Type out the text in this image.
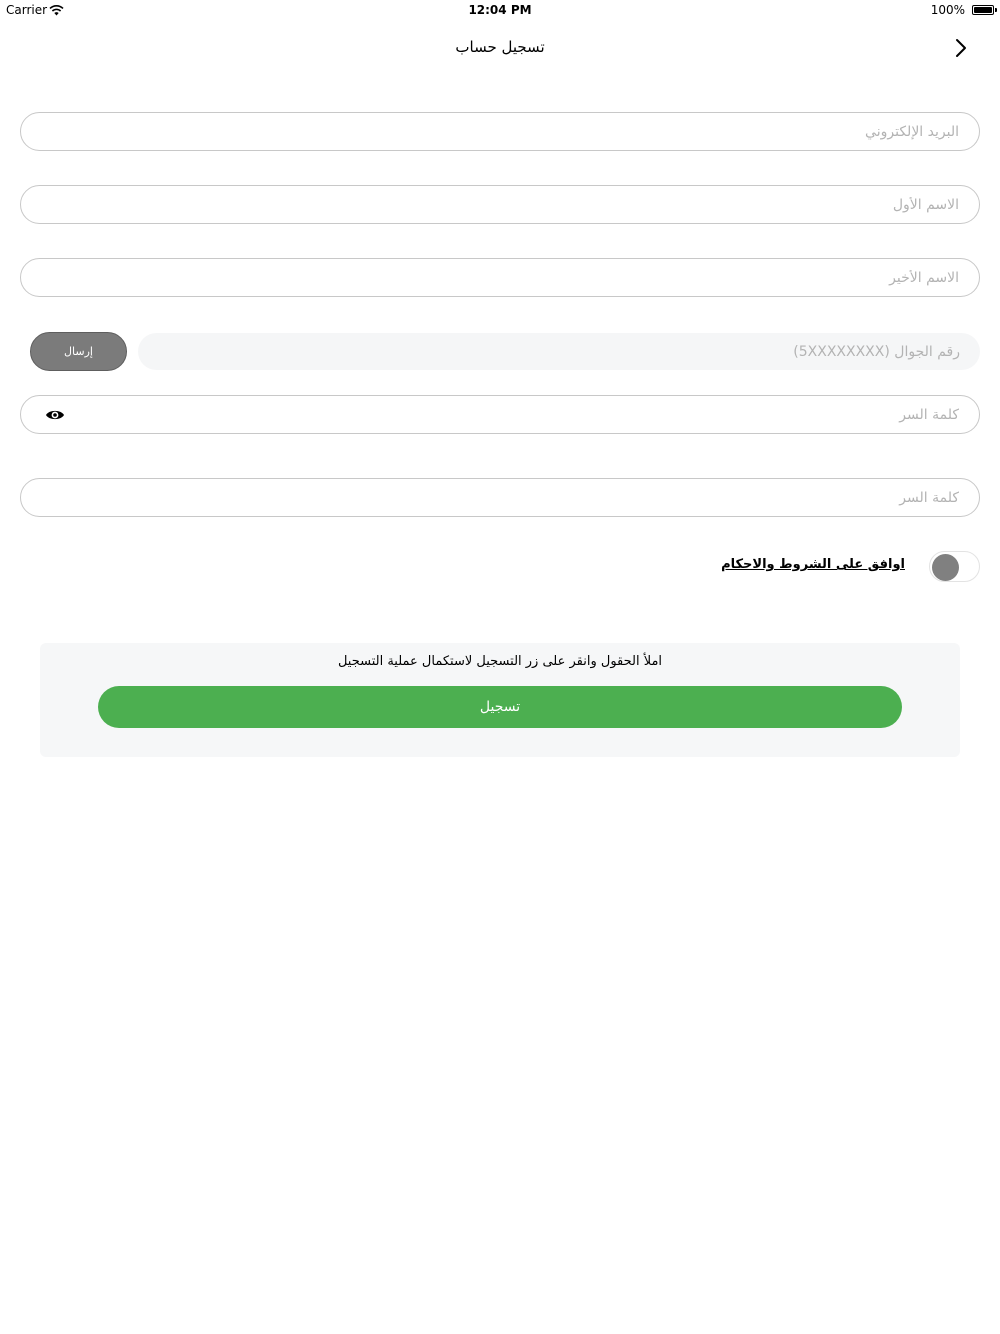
Carrier	12:04 PM	100%
تسجيل حساب
البريد الإلكتروني
الاسم الأول
الاسم الأخير
إرسال
رقم الجوال (5XXXXXXXX)
اوافق على الشروط والاحكام
املأ الحقول وانقر على زر التسجيل لاستكمال عملية التسجيل
تسجيل
